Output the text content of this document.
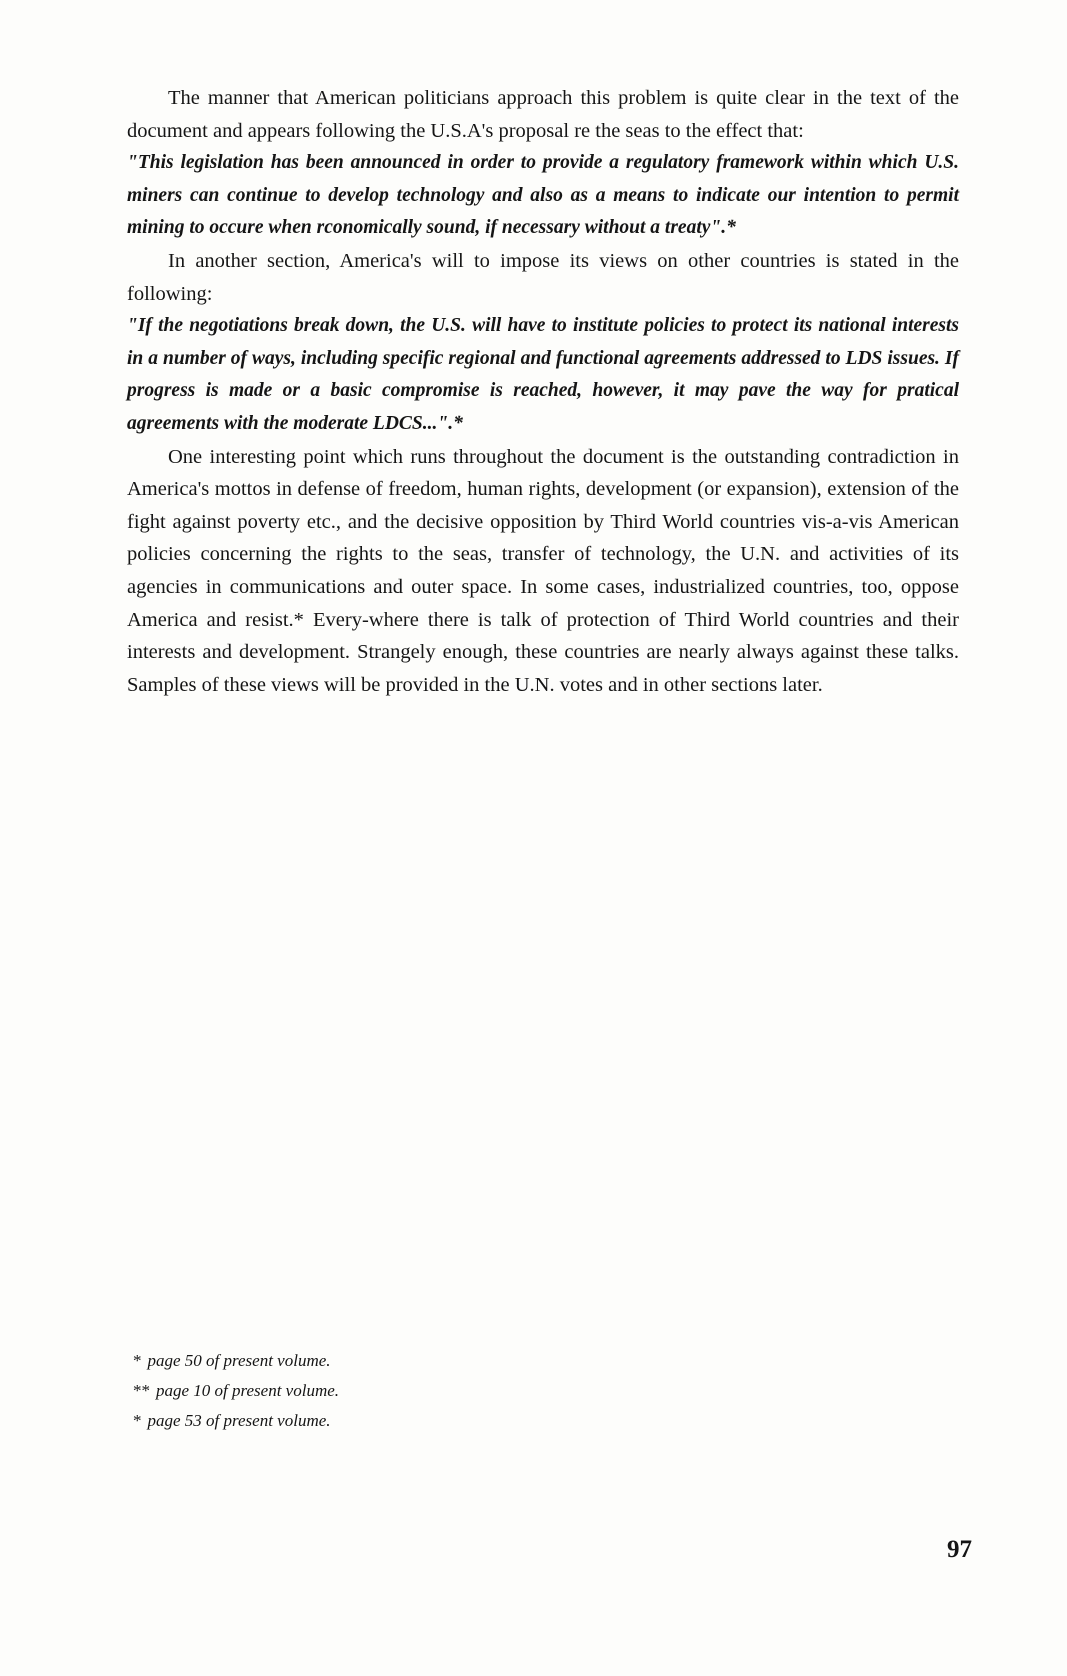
The manner that American politicians approach this problem is quite clear in the text of the document and appears following the U.S.A's proposal re the seas to the effect that:

"This legislation has been announced in order to provide a regulatory framework within which U.S. miners can continue to develop technology and also as a means to indicate our intention to permit mining to occure when rconomically sound, if necessary without a treaty".*

In another section, America's will to impose its views on other countries is stated in the following:

"If the negotiations break down, the U.S. will have to institute policies to protect its national interests in a number of ways, including specific regional and functional agreements addressed to LDS issues. If progress is made or a basic compromise is reached, however, it may pave the way for pratical agreements with the moderate LDCS...".*

One interesting point which runs throughout the document is the outstanding contradiction in America's mottos in defense of freedom, human rights, development (or expansion), extension of the fight against poverty etc., and the decisive opposition by Third World countries vis-a-vis American policies concerning the rights to the seas, transfer of technology, the U.N. and activities of its agencies in communications and outer space. In some cases, industrialized countries, too, oppose America and resist.* Every-where there is talk of protection of Third World countries and their interests and development. Strangely enough, these countries are nearly always against these talks. Samples of these views will be provided in the U.N. votes and in other sections later.

* page 50 of present volume.
** page 10 of present volume.
* page 53 of present volume.
97
